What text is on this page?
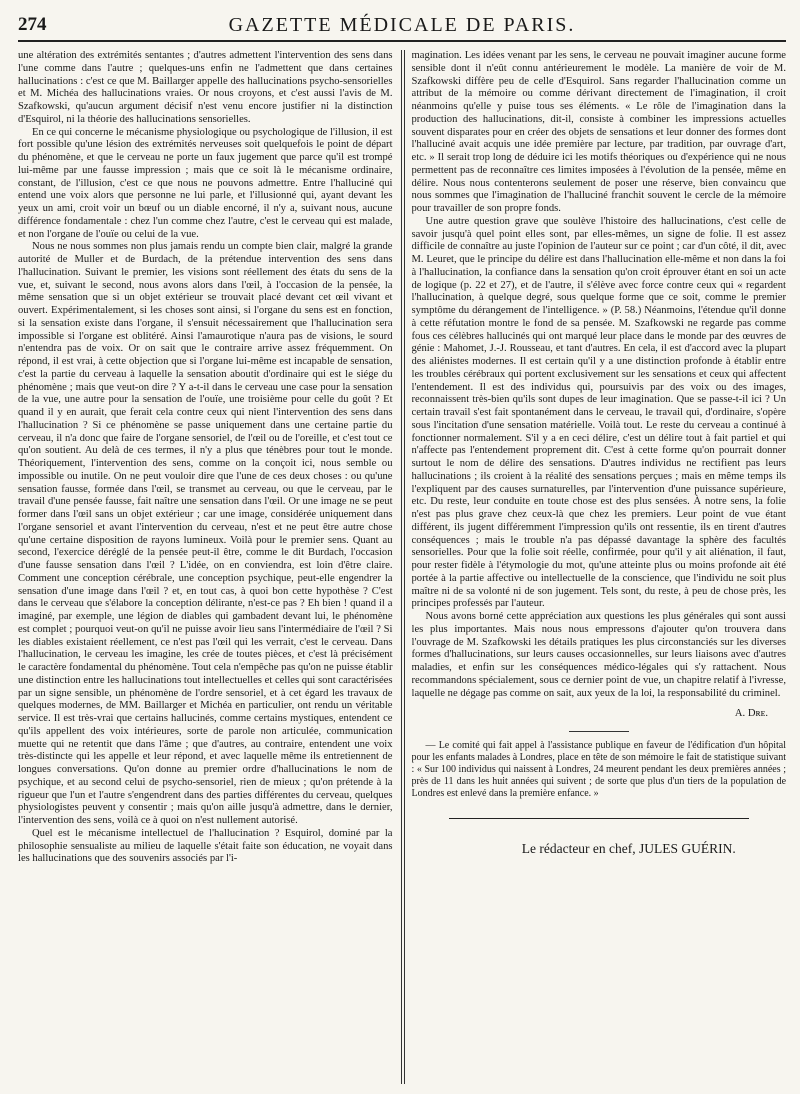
274	GAZETTE MÉDICALE DE PARIS.

une altération des extrémités sentantes ; d'autres admettent l'intervention des sens dans l'une comme dans l'autre ; quelques-uns enfin ne l'admettent que dans certaines hallucinations : c'est ce que M. Baillarger appelle des hallucinations psycho-sensorielles et M. Michéa des hallucinations vraies. Or nous croyons, et c'est aussi l'avis de M. Szafkowski, qu'aucun argument décisif n'est venu encore justifier ni la distinction d'Esquirol, ni la théorie des hallucinations sensorielles.

En ce qui concerne le mécanisme physiologique ou psychologique de l'illusion, il est fort possible qu'une lésion des extrémités nerveuses soit quelquefois le point de départ du phénomène, et que le cerveau ne porte un faux jugement que parce qu'il est trompé lui-même par une fausse impression ; mais que ce soit là le mécanisme ordinaire, constant, de l'illusion, c'est ce que nous ne pouvons admettre. Entre l'halluciné qui entend une voix alors que personne ne lui parle, et l'illusionné qui, ayant devant les yeux un ami, croit voir un bœuf ou un diable encorné, il n'y a, suivant nous, aucune différence fondamentale : chez l'un comme chez l'autre, c'est le cerveau qui est malade, et non l'organe de l'ouïe ou celui de la vue.

Nous ne nous sommes non plus jamais rendu un compte bien clair, malgré la grande autorité de Muller et de Burdach, de la prétendue intervention des sens dans l'hallucination. Suivant le premier, les visions sont réellement des états du sens de la vue, et, suivant le second, nous avons alors dans l'œil, à l'occasion de la pensée, la même sensation que si un objet extérieur se trouvait placé devant cet œil vivant et ouvert. Expérimentalement, si les choses sont ainsi, si l'organe du sens est en fonction, si la sensation existe dans l'organe, il s'ensuit nécessairement que l'hallucination sera impossible si l'organe est oblitéré. Ainsi l'amaurotique n'aura pas de visions, le sourd n'entendra pas de voix. Or on sait que le contraire arrive assez fréquemment. On répond, il est vrai, à cette objection que si l'organe lui-même est incapable de sensation, c'est la partie du cerveau à laquelle la sensation aboutit d'ordinaire qui est le siége du phénomène ; mais que veut-on dire ? Y a-t-il dans le cerveau une case pour la sensation de la vue, une autre pour la sensation de l'ouïe, une troisième pour celle du goût ? Et quand il y en aurait, que ferait cela contre ceux qui nient l'intervention des sens dans l'hallucination ? Si ce phénomène se passe uniquement dans une certaine partie du cerveau, il n'a donc que faire de l'organe sensoriel, de l'œil ou de l'oreille, et c'est tout ce qu'on soutient. Au delà de ces termes, il n'y a plus que ténèbres pour tout le monde. Théoriquement, l'intervention des sens, comme on la conçoit ici, nous semble ou impossible ou inutile. On ne peut vouloir dire que l'une de ces deux choses : ou qu'une sensation fausse, formée dans l'œil, se transmet au cerveau, ou que le cerveau, par le travail d'une pensée fausse, fait naître une sensation dans l'œil. Or une image ne se peut former dans l'œil sans un objet extérieur ; car une image, considérée uniquement dans l'organe sensoriel et avant l'intervention du cerveau, n'est et ne peut être autre chose qu'une certaine disposition de rayons lumineux. Voilà pour le premier sens. Quant au second, l'exercice déréglé de la pensée peut-il être, comme le dit Burdach, l'occasion d'une fausse sensation dans l'œil ? L'idée, on en conviendra, est loin d'être claire. Comment une conception cérébrale, une conception psychique, peut-elle engendrer la sensation d'une image dans l'œil ? et, en tout cas, à quoi bon cette hypothèse ? C'est dans le cerveau que s'élabore la conception délirante, n'est-ce pas ? Eh bien ! quand il a imaginé, par exemple, une légion de diables qui gambadent devant lui, le phénomène est complet ; pourquoi veut-on qu'il ne puisse avoir lieu sans l'intermédiaire de l'œil ? Si les diables existaient réellement, ce n'est pas l'œil qui les verrait, c'est le cerveau. Dans l'hallucination, le cerveau les imagine, les crée de toutes pièces, et c'est là précisément le caractère fondamental du phénomène. Tout cela n'empêche pas qu'on ne puisse établir une distinction entre les hallucinations tout intellectuelles et celles qui sont caractérisées par un signe sensible, un phénomène de l'ordre sensoriel, et à cet égard les travaux de quelques modernes, de MM. Baillarger et Michéa en particulier, ont rendu un véritable service. Il est très-vrai que certains hallucinés, comme certains mystiques, entendent ce qu'ils appellent des voix intérieures, sorte de parole non articulée, communication muette qui ne retentit que dans l'âme ; que d'autres, au contraire, entendent une voix très-distincte qui les appelle et leur répond, et avec laquelle même ils entretiennent de longues conversations. Qu'on donne au premier ordre d'hallucinations le nom de psychique, et au second celui de psycho-sensoriel, rien de mieux ; qu'on prétende à la rigueur que l'un et l'autre s'engendrent dans des parties différentes du cerveau, quelques physiologistes peuvent y consentir ; mais qu'on aille jusqu'à admettre, dans le dernier, l'intervention des sens, voilà ce à quoi on n'est nullement autorisé.

Quel est le mécanisme intellectuel de l'hallucination ? Esquirol, dominé par la philosophie sensualiste au milieu de laquelle s'était faite son éducation, ne voyait dans les hallucinations que des souvenirs associés par l'i-

magination. Les idées venant par les sens, le cerveau ne pouvait imaginer aucune forme sensible dont il n'eût connu antérieurement le modèle. La manière de voir de M. Szafkowski diffère peu de celle d'Esquirol. Sans regarder l'hallucination comme un attribut de la mémoire ou comme dérivant directement de l'imagination, il croit néanmoins qu'elle y puise tous ses éléments. « Le rôle de l'imagination dans la production des hallucinations, dit-il, consiste à combiner les impressions actuelles souvent disparates pour en créer des objets de sensations et leur donner des formes dont l'halluciné avait acquis une idée première par lecture, par tradition, par ouvrage d'art, etc. » Il serait trop long de déduire ici les motifs théoriques ou d'expérience qui ne nous permettent pas de reconnaître ces limites imposées à l'évolution de la pensée, même en délire. Nous nous contenterons seulement de poser une réserve, bien convaincu que nous sommes que l'imagination de l'halluciné franchit souvent le cercle de la mémoire pour travailler de son propre fonds.

Une autre question grave que soulève l'histoire des hallucinations, c'est celle de savoir jusqu'à quel point elles sont, par elles-mêmes, un signe de folie. Il est assez difficile de connaître au juste l'opinion de l'auteur sur ce point ; car d'un côté, il dit, avec M. Leuret, que le principe du délire est dans l'hallucination elle-même et non dans la foi à l'hallucination, la confiance dans la sensation qu'on croit éprouver étant en soi un acte de logique (p. 22 et 27), et de l'autre, il s'élève avec force contre ceux qui « regardent l'hallucination, à quelque degré, sous quelque forme que ce soit, comme le premier symptôme du dérangement de l'intelligence. » (P. 58.) Néanmoins, l'étendue qu'il donne à cette réfutation montre le fond de sa pensée. M. Szafkowski ne regarde pas comme fous ces célèbres hallucinés qui ont marqué leur place dans le monde par des œuvres de génie : Mahomet, J.-J. Rousseau, et tant d'autres. En cela, il est d'accord avec la plupart des aliénistes modernes. Il est certain qu'il y a une distinction profonde à établir entre les troubles cérébraux qui portent exclusivement sur les sensations et ceux qui affectent l'entendement. Il est des individus qui, poursuivis par des voix ou des images, reconnaissent très-bien qu'ils sont dupes de leur imagination. Que se passe-t-il ici ? Un certain travail s'est fait spontanément dans le cerveau, le travail qui, d'ordinaire, s'opère sous l'incitation d'une sensation matérielle. Voilà tout. Le reste du cerveau a continué à fonctionner normalement. S'il y a en ceci délire, c'est un délire tout à fait partiel et qui n'affecte pas l'entendement proprement dit. C'est à cette forme qu'on pourrait donner surtout le nom de délire des sensations. D'autres individus ne rectifient pas leurs hallucinations ; ils croient à la réalité des sensations perçues ; mais en même temps ils l'expliquent par des causes surnaturelles, par l'intervention d'une puissance supérieure, etc. Du reste, leur conduite en toute chose est des plus sensées. À notre sens, la folie n'est pas plus grave chez ceux-là que chez les premiers. Leur point de vue étant différent, ils jugent différemment l'impression qu'ils ont ressentie, ils en tirent d'autres conséquences ; mais le trouble n'a pas dépassé davantage la sphère des facultés sensorielles. Pour que la folie soit réelle, confirmée, pour qu'il y ait aliénation, il faut, pour rester fidèle à l'étymologie du mot, qu'une atteinte plus ou moins profonde ait été portée à la partie affective ou intellectuelle de la conscience, que l'individu ne soit plus maître ni de sa volonté ni de son jugement. Tels sont, du reste, à peu de chose près, les principes professés par l'auteur.

Nous avons borné cette appréciation aux questions les plus générales qui sont aussi les plus importantes. Mais nous nous empressons d'ajouter qu'on trouvera dans l'ouvrage de M. Szafkowski les détails pratiques les plus circonstanciés sur les diverses formes d'hallucinations, sur leurs causes occasionnelles, sur leurs liaisons avec d'autres maladies, et enfin sur les conséquences médico-légales qui s'y rattachent. Nous recommandons spécialement, sous ce dernier point de vue, un chapitre relatif à l'ivresse, laquelle ne dégage pas comme on sait, aux yeux de la loi, la responsabilité du criminel.

A. Dʀᴇ.

— Le comité qui fait appel à l'assistance publique en faveur de l'édification d'un hôpital pour les enfants malades à Londres, place en tête de son mémoire le fait de statistique suivant : « Sur 100 individus qui naissent à Londres, 24 meurent pendant les deux premières années ; près de 11 dans les huit années qui suivent ; de sorte que plus d'un tiers de la population de Londres est enlevé dans la première enfance. »

Le rédacteur en chef, JULES GUÉRIN.
